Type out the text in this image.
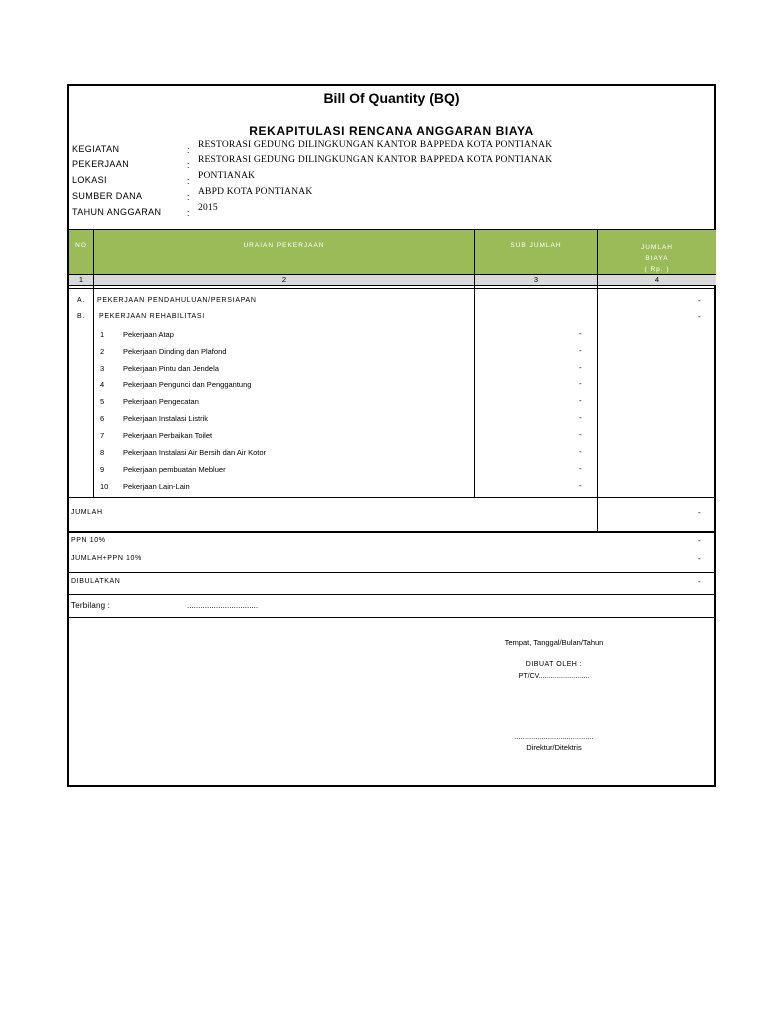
Bill Of Quantity (BQ)
REKAPITULASI RENCANA ANGGARAN BIAYA
KEGIATAN	: RESTORASI GEDUNG DILINGKUNGAN KANTOR BAPPEDA KOTA PONTIANAK
PEKERJAAN	: RESTORASI GEDUNG DILINGKUNGAN KANTOR BAPPEDA KOTA PONTIANAK
LOKASI	: PONTIANAK
SUMBER DANA	: ABPD KOTA PONTIANAK
TAHUN ANGGARAN	: 2015
NO	URAIAN PEKERJAAN	SUB JUMLAH	JUMLAH
BIAYA
( Rp. )
1	2	3	4
A. PEKERJAAN PENDAHULUAN/PERSIAPAN	-
B. PEKERJAAN REHABILITASI	-
1	Pekerjaan Atap	-
2	Pekerjaan Dinding dan Plafond	-
3	Pekerjaan Pintu dan Jendela	-
4	Pekerjaan Pengunci dan Penggantung	-
5	Pekerjaan Pengecatan	-
6	Pekerjaan Instalasi Listrik	-
7	Pekerjaan Perbaikan Toilet	-
8	Pekerjaan Instalasi Air Bersih dan Air Kotor	-
9	Pekerjaan pembuatan Mebluer	-
10 Pekerjaan Lain-Lain	-
JUMLAH	-
PPN 10%	-
JUMLAH+PPN 10%	-
DIBULATKAN	-
Terbilang :	................................
Tempat, Tanggal/Bulan/Tahun
DIBUAT OLEH :
PT/CV..........................
......................................
Direktur/Ditektris
